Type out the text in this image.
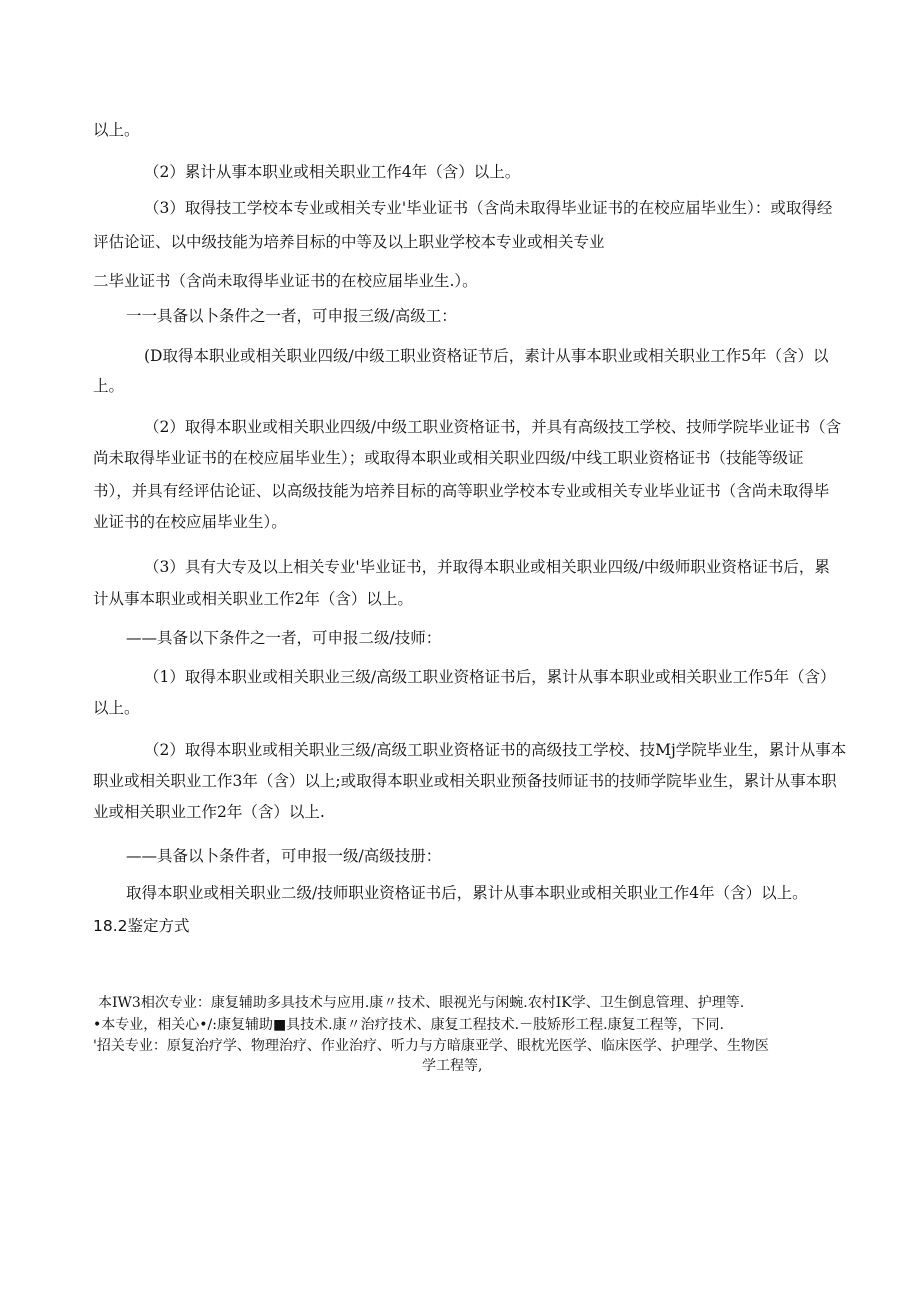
以上。
（2）累计从事本职业或相关职业工作4年（含）以上。
（3）取得技工学校本专业或相关专业'毕业证书（含尚未取得毕业证书的在校应届毕业生）：或取得经
评估论证、以中级技能为培养目标的中等及以上职业学校本专业或相关专业
二毕业证书（含尚未取得毕业证书的在校应届毕业生.）。
一一具备以卜条件之一者，可申报三级/高级工：
(D取得本职业或相关职业四级/中级工职业资格证节后，素计从事本职业或相关职业工作5年（含）以
上。
（2）取得本职业或相关职业四级/中级工职业资格证书，并具有高级技工学校、技师学院毕业证书（含
尚未取得毕业证书的在校应届毕业生）；或取得本职业或相关职业四级/中线工职业资格证书（技能等级证
书），并具有经评估论证、以高级技能为培养目标的高等职业学校本专业或相关专业毕业证书（含尚未取得毕
业证书的在校应届毕业生）。
（3）具有大专及以上相关专业'毕业证书，并取得本职业或相关职业四级/中级师职业资格证书后，累
计从事本职业或相关职业工作2年（含）以上。
——具备以下条件之一者，可申报二级/技师：
（1）取得本职业或相关职业三级/高级工职业资格证书后，累计从事本职业或相关职业工作5年（含）
以上。
（2）取得本职业或相关职业三级/高级工职业资格证书的高级技工学校、技Mj学院毕业生，累计从事本
职业或相关职业工作3年（含）以上;或取得本职业或相关职业预备技师证书的技师学院毕业生，累计从事本职
业或相关职业工作2年（含）以上.
——具备以卜条件者，可申报一级/高级技册：
取得本职业或相关职业二级/技师职业资格证书后，累计从事本职业或相关职业工作4年（含）以上。
18.2鉴定方式
本IW3相次专业：康复辅助多具技术与应用.康〃技术、眼视光与闲蜿.农村IK学、卫生倒息管理、护理等.
•本专业，相关心•/:康复辅助■具技术.康〃治疗技术、康复工程技术.－肢矫形工程.康复工程等，下同.
'招关专业：原复治疗学、物理治疗、作业治疗、听力与方暗康亚学、眼枕光医学、临床医学、护理学、生物医
学工程等,
